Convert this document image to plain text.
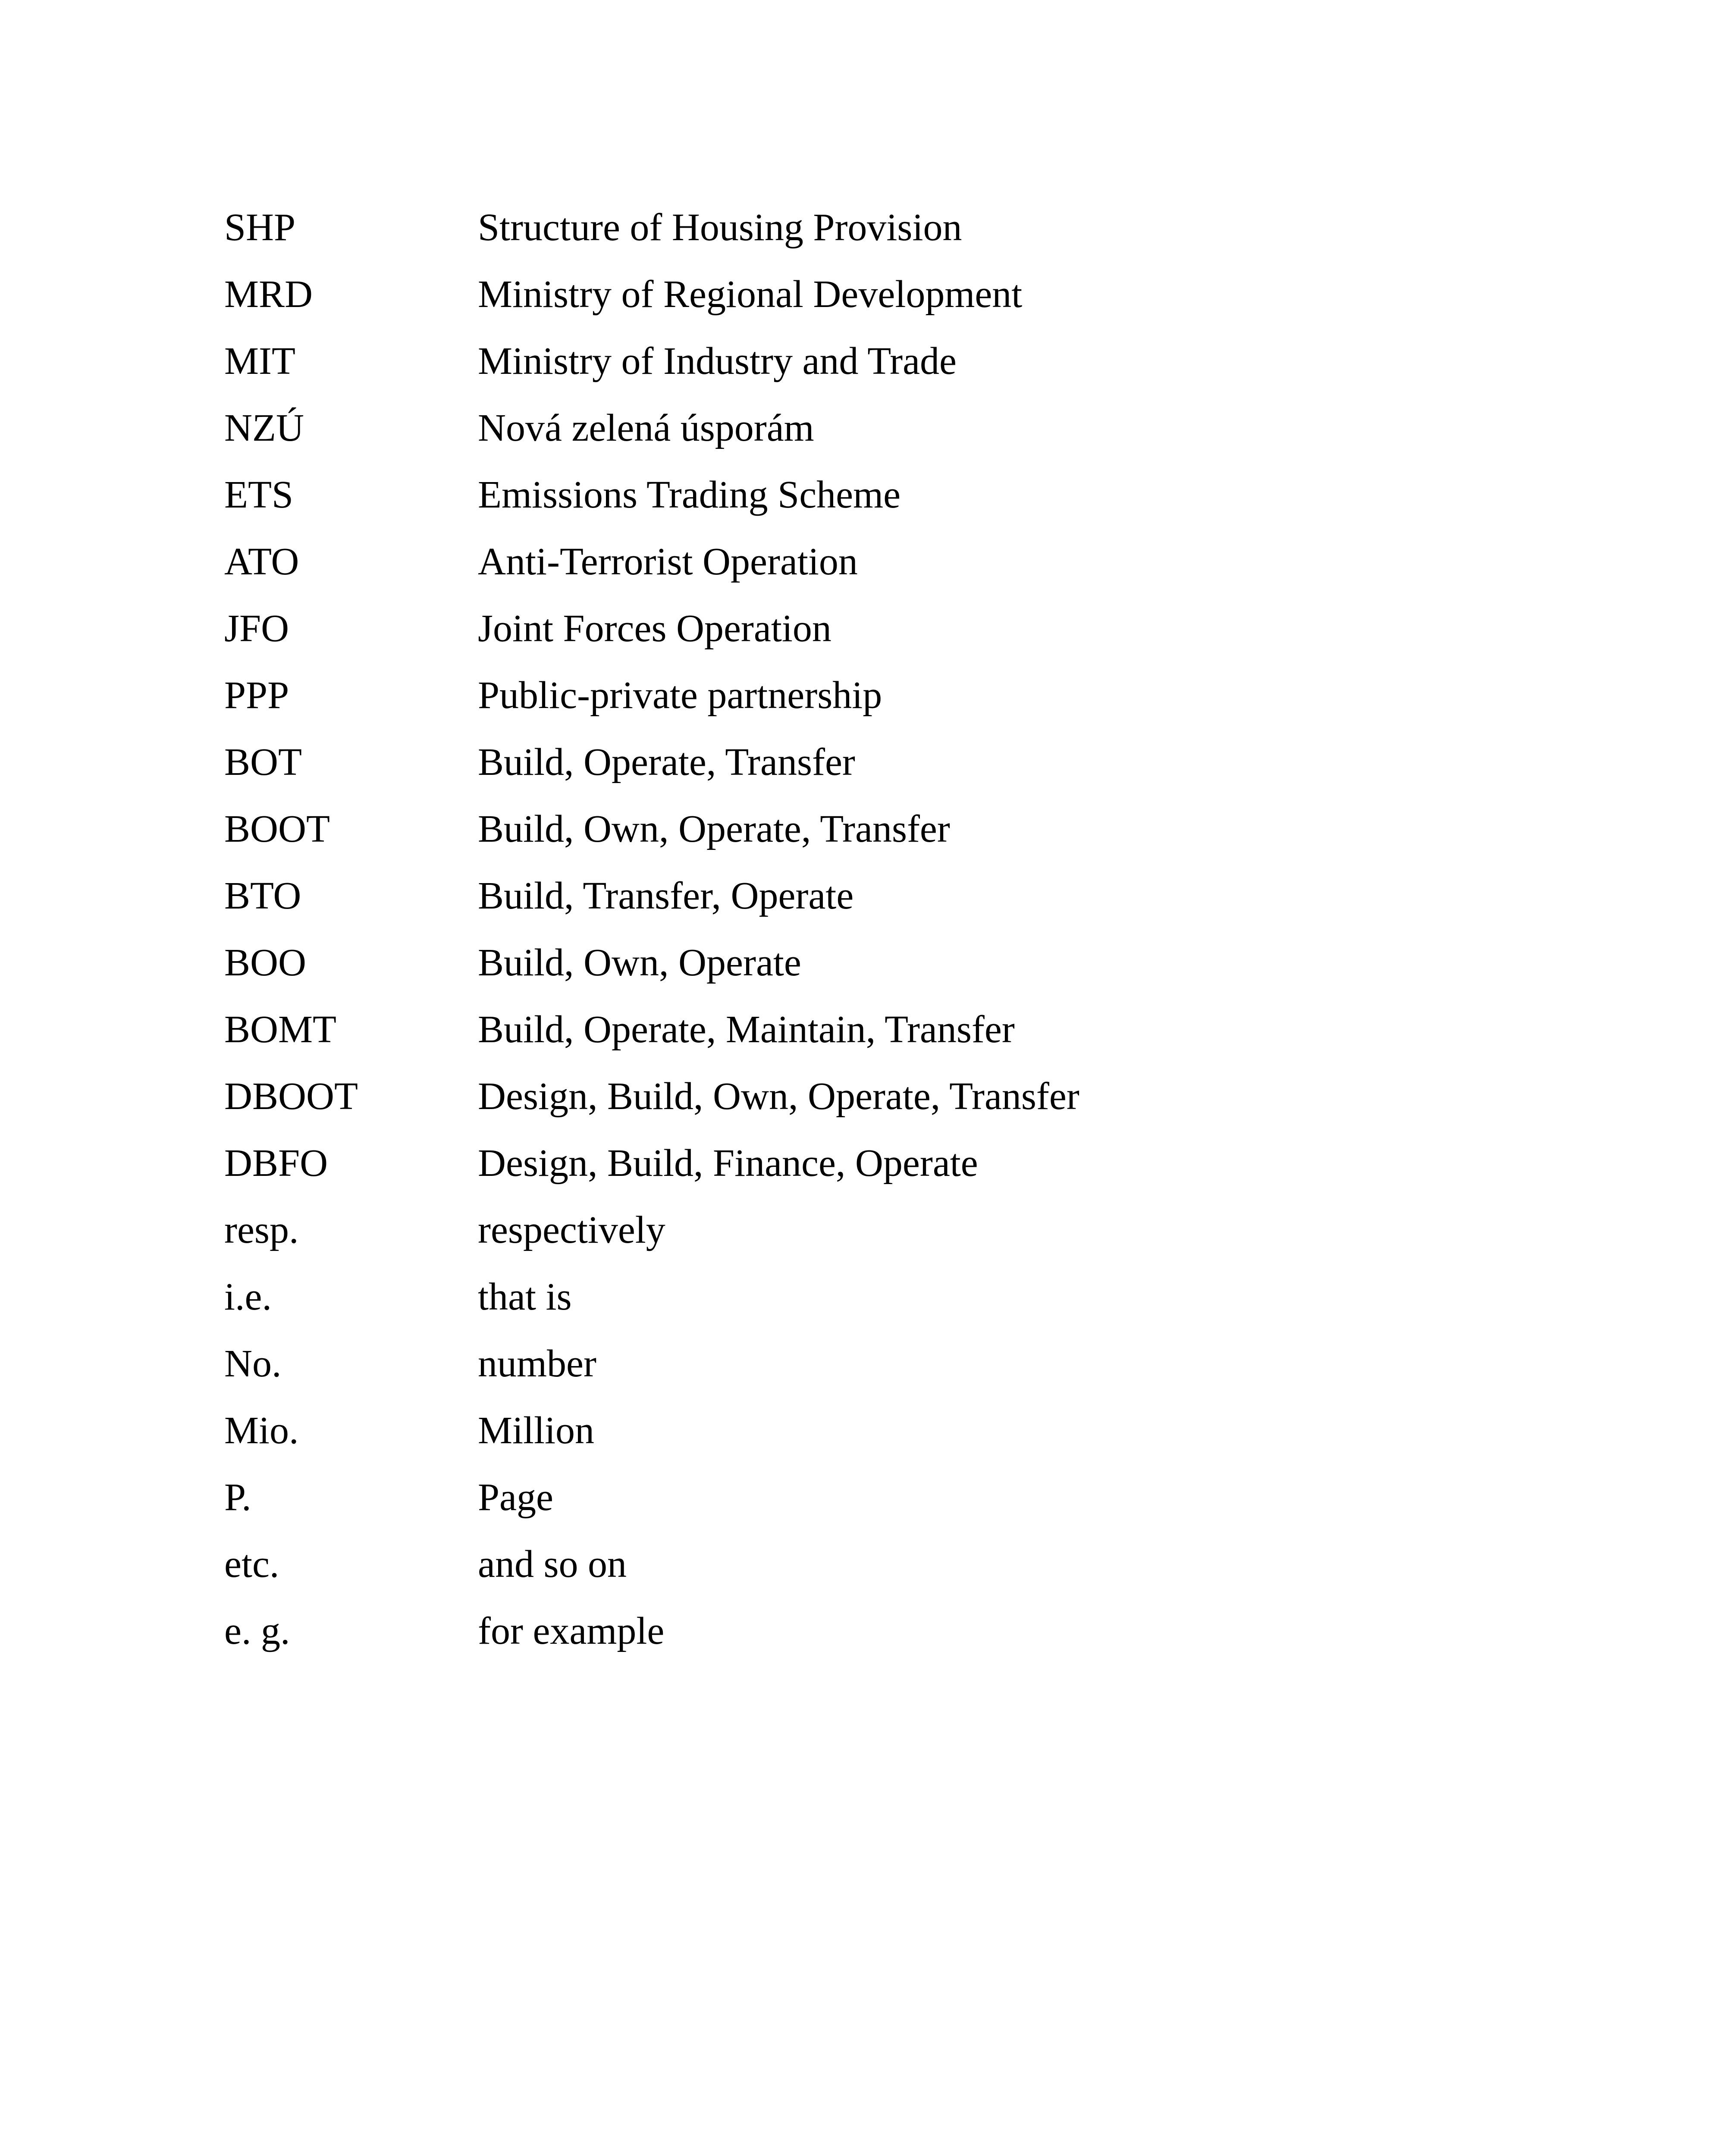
SHP	Structure of Housing Provision
MRD	Ministry of Regional Development
MIT	Ministry of Industry and Trade
NZÚ	Nová zelená úsporám
ETS	Emissions Trading Scheme
ATO	Anti-Terrorist Operation
JFO	Joint Forces Operation
PPP	Public-private partnership
BOT	Build, Operate, Transfer
BOOT	Build, Own, Operate, Transfer
BTO	Build, Transfer, Operate
BOO	Build, Own, Operate
BOMT	Build, Operate, Maintain, Transfer
DBOOT	Design, Build, Own, Operate, Transfer
DBFO	Design, Build, Finance, Operate
resp.	respectively
i.e.	that is
No.	number
Mio.	Million
P.	Page
etc.	and so on
e. g.	for example
